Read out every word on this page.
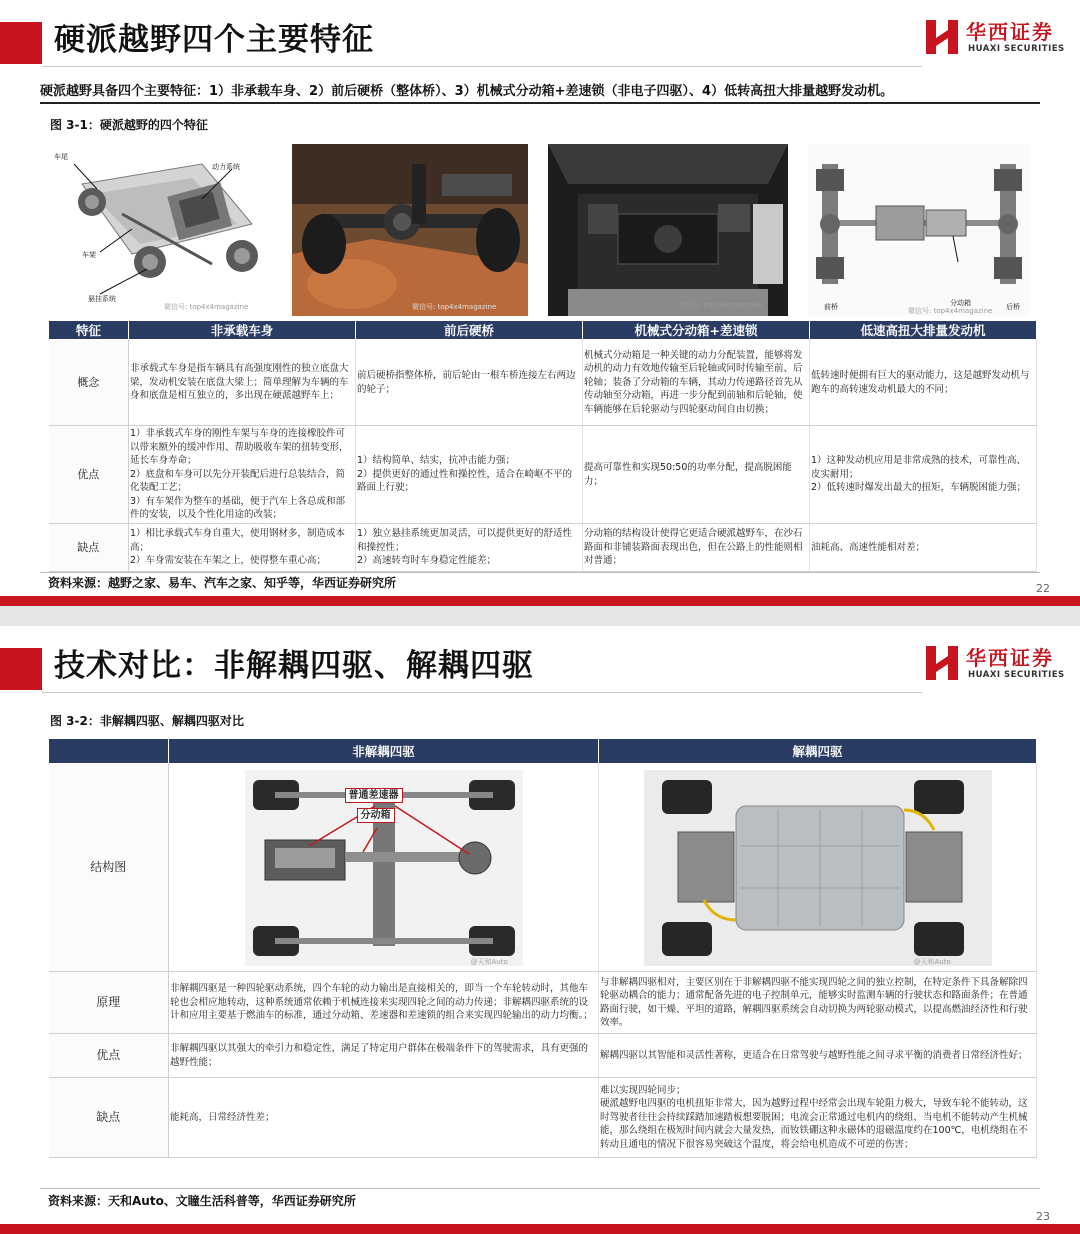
硬派越野四个主要特征	华西证券
HUAXI SECURITIES
硬派越野具备四个主要特征：1）非承载车身、2）前后硬桥（整体桥）、3）机械式分动箱+差速锁（非电子四驱）、4）低转高扭大排量越野发动机。
图 3-1：硬派越野的四个特征
车尾
动力系统
车架
悬挂系统
微信号: top4x4magazine	微信号: top4x4magazine	微信号: top4x4magazine	前桥	分动箱	后桥
微信号: top4x4magazine
特征	非承载车身	前后硬桥	机械式分动箱+差速锁	低速高扭大排量发动机
概念	非承载式车身是指车辆具有高强度刚性的独立底盘大梁，发动机安装在底盘大梁上；简单理解为车辆的车身和底盘是相互独立的，多出现在硬派越野车上；	前后硬桥指整体桥，前后轮由一根车桥连接左右两边的轮子；	机械式分动箱是一种关键的动力分配装置，能够将发动机的动力有效地传输至后轮轴或同时传输至前、后轮轴；装备了分动箱的车辆，其动力传递路径首先从传动轴至分动箱，再进一步分配到前轴和后轮轴，使车辆能够在后轮驱动与四轮驱动间自由切换；	低转速时便拥有巨大的驱动能力，这是越野发动机与跑车的高转速发动机最大的不同；
优点	1）非承载式车身的刚性车架与车身的连接橡胶件可以带来额外的缓冲作用、帮助吸收车架的扭转变形，延长车身寿命；
2）底盘和车身可以先分开装配后进行总装结合，简化装配工艺；
3）有车架作为整车的基础，便于汽车上各总成和部件的安装，以及个性化用途的改装；	1）结构简单、结实，抗冲击能力强；
2）提供更好的通过性和操控性，适合在崎岖不平的路面上行驶；	提高可靠性和实现50:50的功率分配，提高脱困能力；	1）这种发动机应用是非常成熟的技术，可靠性高、皮实耐用；
2）低转速时爆发出最大的扭矩，车辆脱困能力强；
缺点	1）相比承载式车身自重大，使用钢材多，制造成本高；
2）车身需安装在车架之上，使得整车重心高；	1）独立悬挂系统更加灵活，可以提供更好的舒适性和操控性；
2）高速转弯时车身稳定性能差；	分动箱的结构设计使得它更适合硬派越野车，在沙石路面和非铺装路面表现出色，但在公路上的性能则相对普通；	油耗高、高速性能相对差；
资料来源：越野之家、易车、汽车之家、知乎等，华西证券研究所	22
技术对比：非解耦四驱、解耦四驱	华西证券
HUAXI SECURITIES
图 3-2：非解耦四驱、解耦四驱对比
	非解耦四驱	解耦四驱
结构图	普通差速器
分动箱
@天和Auto	@天和Auto

原理	非解耦四驱是一种四轮驱动系统，四个车轮的动力输出是直接相关的，即当一个车轮转动时，其他车轮也会相应地转动，这种系统通常依赖于机械连接来实现四轮之间的动力传递；非解耦四驱系统的设计和应用主要基于燃油车的标准，通过分动箱、差速器和差速锁的组合来实现四轮输出的动力均衡。；	与非解耦四驱相对，主要区别在于非解耦四驱不能实现四轮之间的独立控制，在特定条件下具备解除四轮驱动耦合的能力；通常配备先进的电子控制单元，能够实时监测车辆的行驶状态和路面条件；在普通路面行驶，如干燥、平坦的道路，解耦四驱系统会自动切换为两轮驱动模式，以提高燃油经济性和行驶效率。
优点	非解耦四驱以其强大的牵引力和稳定性，满足了特定用户群体在极端条件下的驾驶需求，具有更强的越野性能；	解耦四驱以其智能和灵活性著称，更适合在日常驾驶与越野性能之间寻求平衡的消费者日常经济性好；
缺点	能耗高，日常经济性差；	难以实现四轮同步；
硬派越野电四驱的电机扭矩非常大，因为越野过程中经常会出现车轮阻力极大，导致车轮不能转动，这时驾驶者往往会持续踩踏加速踏板想要脱困；电流会正常通过电机内的绕组，当电机不能转动产生机械能，那么绕组在极短时间内就会大量发热，而钕铁硼这种永磁体的退磁温度约在100℃，电机绕组在不转动且通电的情况下很容易突破这个温度，将会给电机造成不可逆的伤害；
资料来源：天和Auto、文瞳生活科普等，华西证券研究所
23
